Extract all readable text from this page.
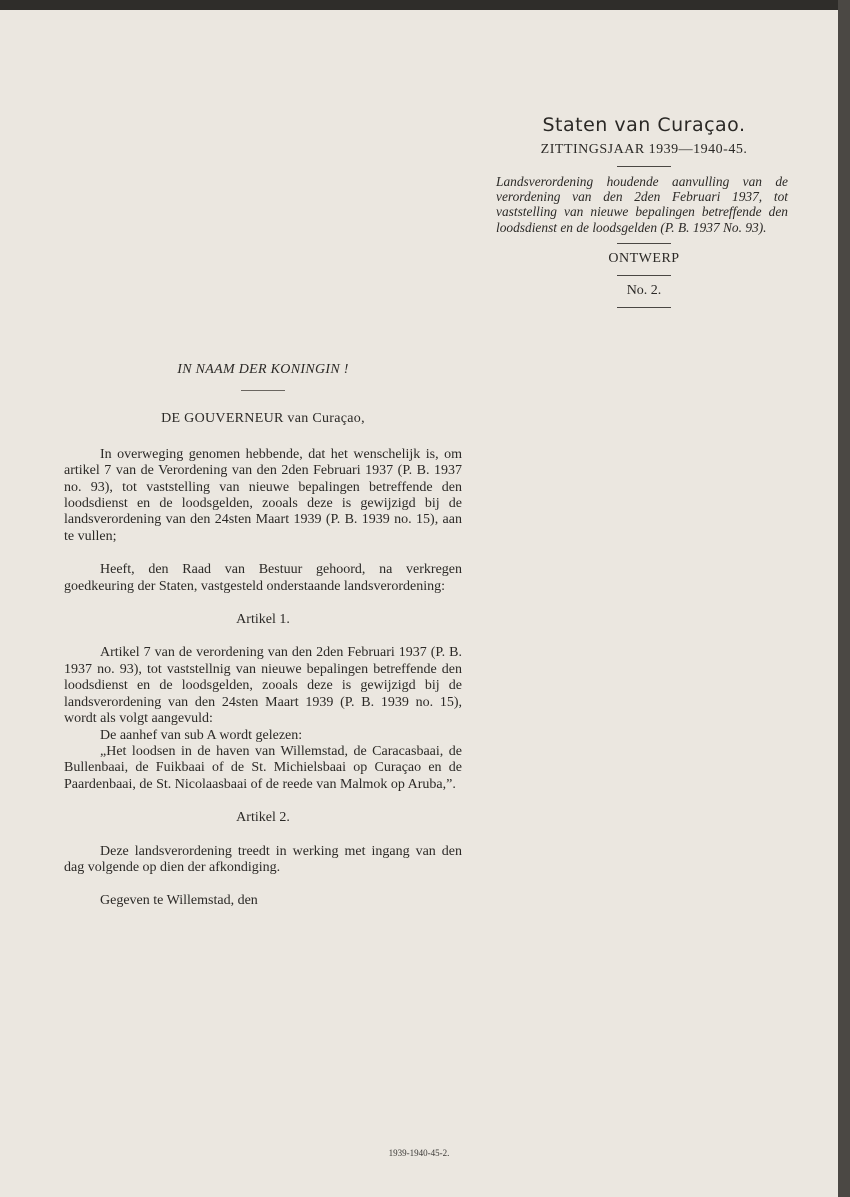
Staten van Curaçao.
ZITTINGSJAAR 1939—1940-45.
Landsverordening houdende aanvulling van de verordening van den 2den Februari 1937, tot vaststelling van nieuwe bepalingen betreffende den loodsdienst en de loodsgelden (P. B. 1937 No. 93).
ONTWERP
No. 2.
IN NAAM DER KONINGIN !
DE GOUVERNEUR van Curaçao,

In overweging genomen hebbende, dat het wenschelijk is, om artikel 7 van de Verordening van den 2den Februari 1937 (P. B. 1937 no. 93), tot vaststelling van nieuwe bepalingen betreffende den loodsdienst en de loodsgelden, zooals deze is gewijzigd bij de landsverordening van den 24sten Maart 1939 (P. B. 1939 no. 15), aan te vullen;

Heeft, den Raad van Bestuur gehoord, na verkregen goedkeuring der Staten, vastgesteld onderstaande landsverordening:

Artikel 1.

Artikel 7 van de verordening van den 2den Februari 1937 (P. B. 1937 no. 93), tot vaststellnig van nieuwe bepalingen betreffende den loodsdienst en de loodsgelden, zooals deze is gewijzigd bij de landsverordening van den 24sten Maart 1939 (P. B. 1939 no. 15), wordt als volgt aangevuld:

De aanhef van sub A wordt gelezen:

„Het loodsen in de haven van Willemstad, de Caracasbaai, de Bullenbaai, de Fuikbaai of de St. Michielsbaai op Curaçao en de Paardenbaai, de St. Nicolaasbaai of de reede van Malmok op Aruba,”.

Artikel 2.

Deze landsverordening treedt in werking met ingang van den dag volgende op dien der afkondiging.

Gegeven te Willemstad, den

1939-1940-45-2.
